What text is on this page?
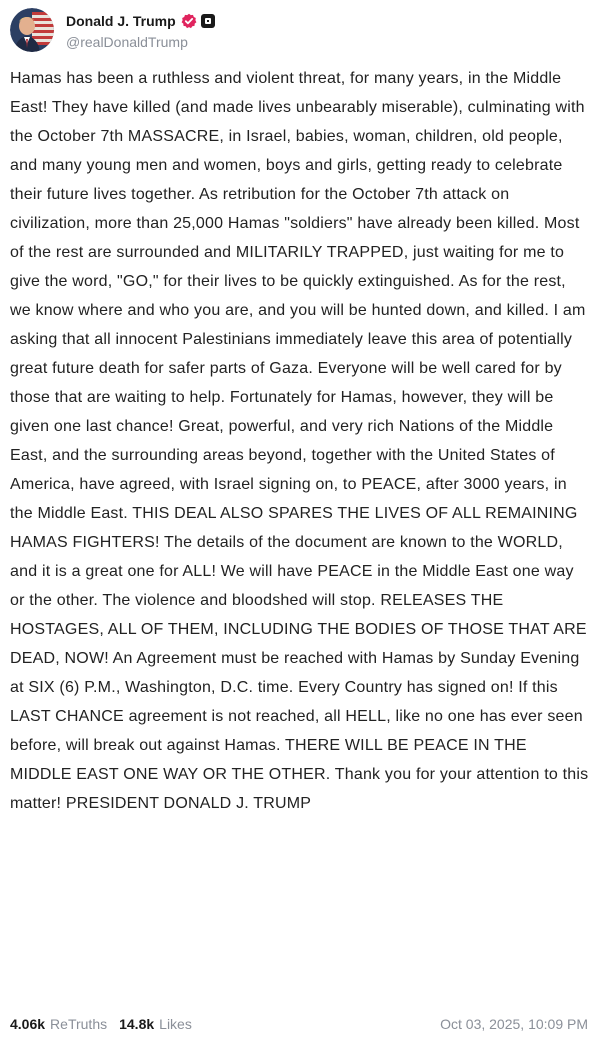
Donald J. Trump
@realDonaldTrump

Hamas has been a ruthless and violent threat, for many years, in the Middle East! They have killed (and made lives unbearably miserable), culminating with the October 7th MASSACRE, in Israel, babies, woman, children, old people, and many young men and women, boys and girls, getting ready to celebrate their future lives together. As retribution for the October 7th attack on civilization, more than 25,000 Hamas "soldiers" have already been killed. Most of the rest are surrounded and MILITARILY TRAPPED, just waiting for me to give the word, "GO," for their lives to be quickly extinguished. As for the rest, we know where and who you are, and you will be hunted down, and killed. I am asking that all innocent Palestinians immediately leave this area of potentially great future death for safer parts of Gaza. Everyone will be well cared for by those that are waiting to help. Fortunately for Hamas, however, they will be given one last chance! Great, powerful, and very rich Nations of the Middle East, and the surrounding areas beyond, together with the United States of America, have agreed, with Israel signing on, to PEACE, after 3000 years, in the Middle East. THIS DEAL ALSO SPARES THE LIVES OF ALL REMAINING HAMAS FIGHTERS! The details of the document are known to the WORLD, and it is a great one for ALL! We will have PEACE in the Middle East one way or the other. The violence and bloodshed will stop. RELEASES THE HOSTAGES, ALL OF THEM, INCLUDING THE BODIES OF THOSE THAT ARE DEAD, NOW! An Agreement must be reached with Hamas by Sunday Evening at SIX (6) P.M., Washington, D.C. time. Every Country has signed on! If this LAST CHANCE agreement is not reached, all HELL, like no one has ever seen before, will break out against Hamas. THERE WILL BE PEACE IN THE MIDDLE EAST ONE WAY OR THE OTHER. Thank you for your attention to this matter! PRESIDENT DONALD J. TRUMP

4.06k ReTruths 14.8k Likes	Oct 03, 2025, 10:09 PM
